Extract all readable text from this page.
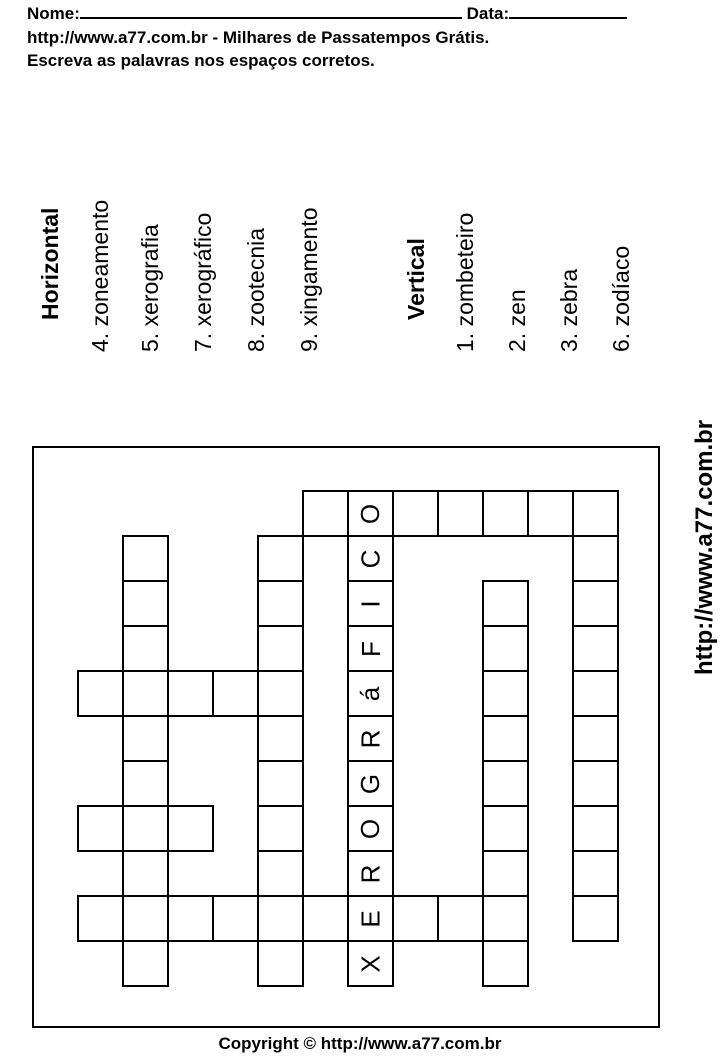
Nome:	Data:
http://www.a77.com.br - Milhares de Passatempos Grátis.
Escreva as palavras nos espaços corretos.
Horizontal 4. zoneamento 5. xerografia 7. xerográfico 8. zootecnia 9. xingamento	Vertical 1. zombeteiro 2. zen 3. zebra 6. zodíaco
http://www.a77.com.br
O
C
I
F
á
R
G
O
R
E
X
Copyright © http://www.a77.com.br
